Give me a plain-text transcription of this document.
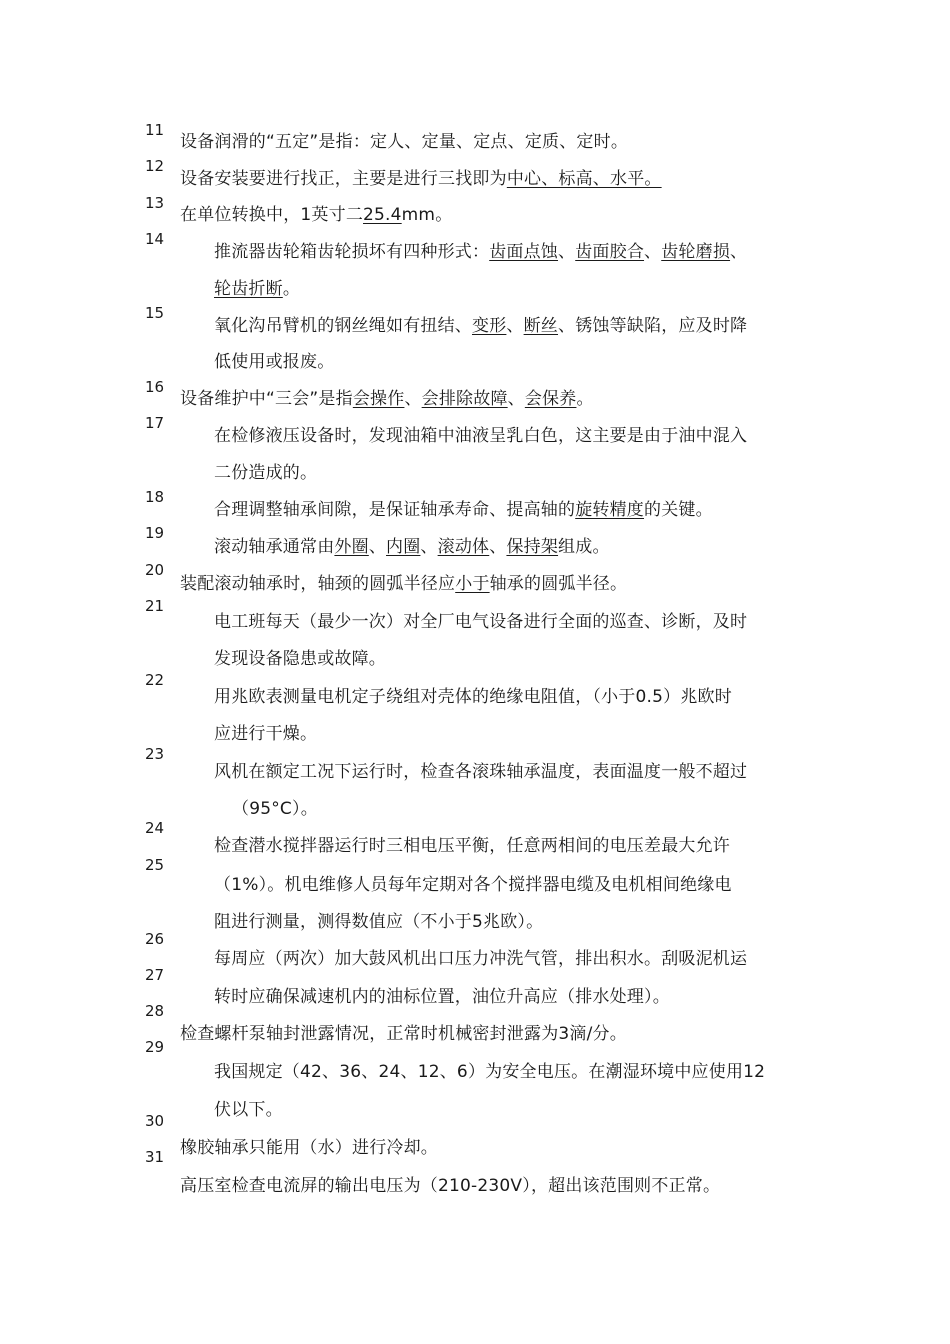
11
12
13
14
15
16
17
18
19
20
21
22
23
24
25
26
27
28
29
30
31
设备润滑的“五定”是指：定人、定量、定点、定质、定时。
设备安装要进行找正，主要是进行三找即为中心、标高、水平。
在单位转换中，1英寸二25.4mm。
推流器齿轮箱齿轮损坏有四种形式：齿面点蚀、齿面胶合、齿轮磨损、
轮齿折断。
氧化沟吊臂机的钢丝绳如有扭结、变形、断丝、锈蚀等缺陷，应及时降
低使用或报废。
设备维护中“三会”是指会操作、会排除故障、会保养。
在检修液压设备时，发现油箱中油液呈乳白色，这主要是由于油中混入
二份造成的。
合理调整轴承间隙，是保证轴承寿命、提高轴的旋转精度的关键。
滚动轴承通常由外圈、内圈、滚动体、保持架组成。
装配滚动轴承时，轴颈的圆弧半径应小于轴承的圆弧半径。
电工班每天（最少一次）对全厂电气设备进行全面的巡查、诊断，及时
发现设备隐患或故障。
用兆欧表测量电机定子绕组对壳体的绝缘电阻值，（小于0.5）兆欧时
应进行干燥。
风机在额定工况下运行时，检查各滚珠轴承温度，表面温度一般不超过
（95°C）。
检查潜水搅拌器运行时三相电压平衡，任意两相间的电压差最大允许
（1%）。机电维修人员每年定期对各个搅拌器电缆及电机相间绝缘电
阻进行测量，测得数值应（不小于5兆欧）。
每周应（两次）加大鼓风机出口压力冲洗气管，排出积水。刮吸泥机运
转时应确保减速机内的油标位置，油位升高应（排水处理）。
检查螺杆泵轴封泄露情况，正常时机械密封泄露为3滴/分。
我国规定（42、36、24、12、6）为安全电压。在潮湿环境中应使用12
伏以下。
橡胶轴承只能用（水）进行冷却。
高压室检查电流屏的输出电压为（210-230V），超出该范围则不正常。
